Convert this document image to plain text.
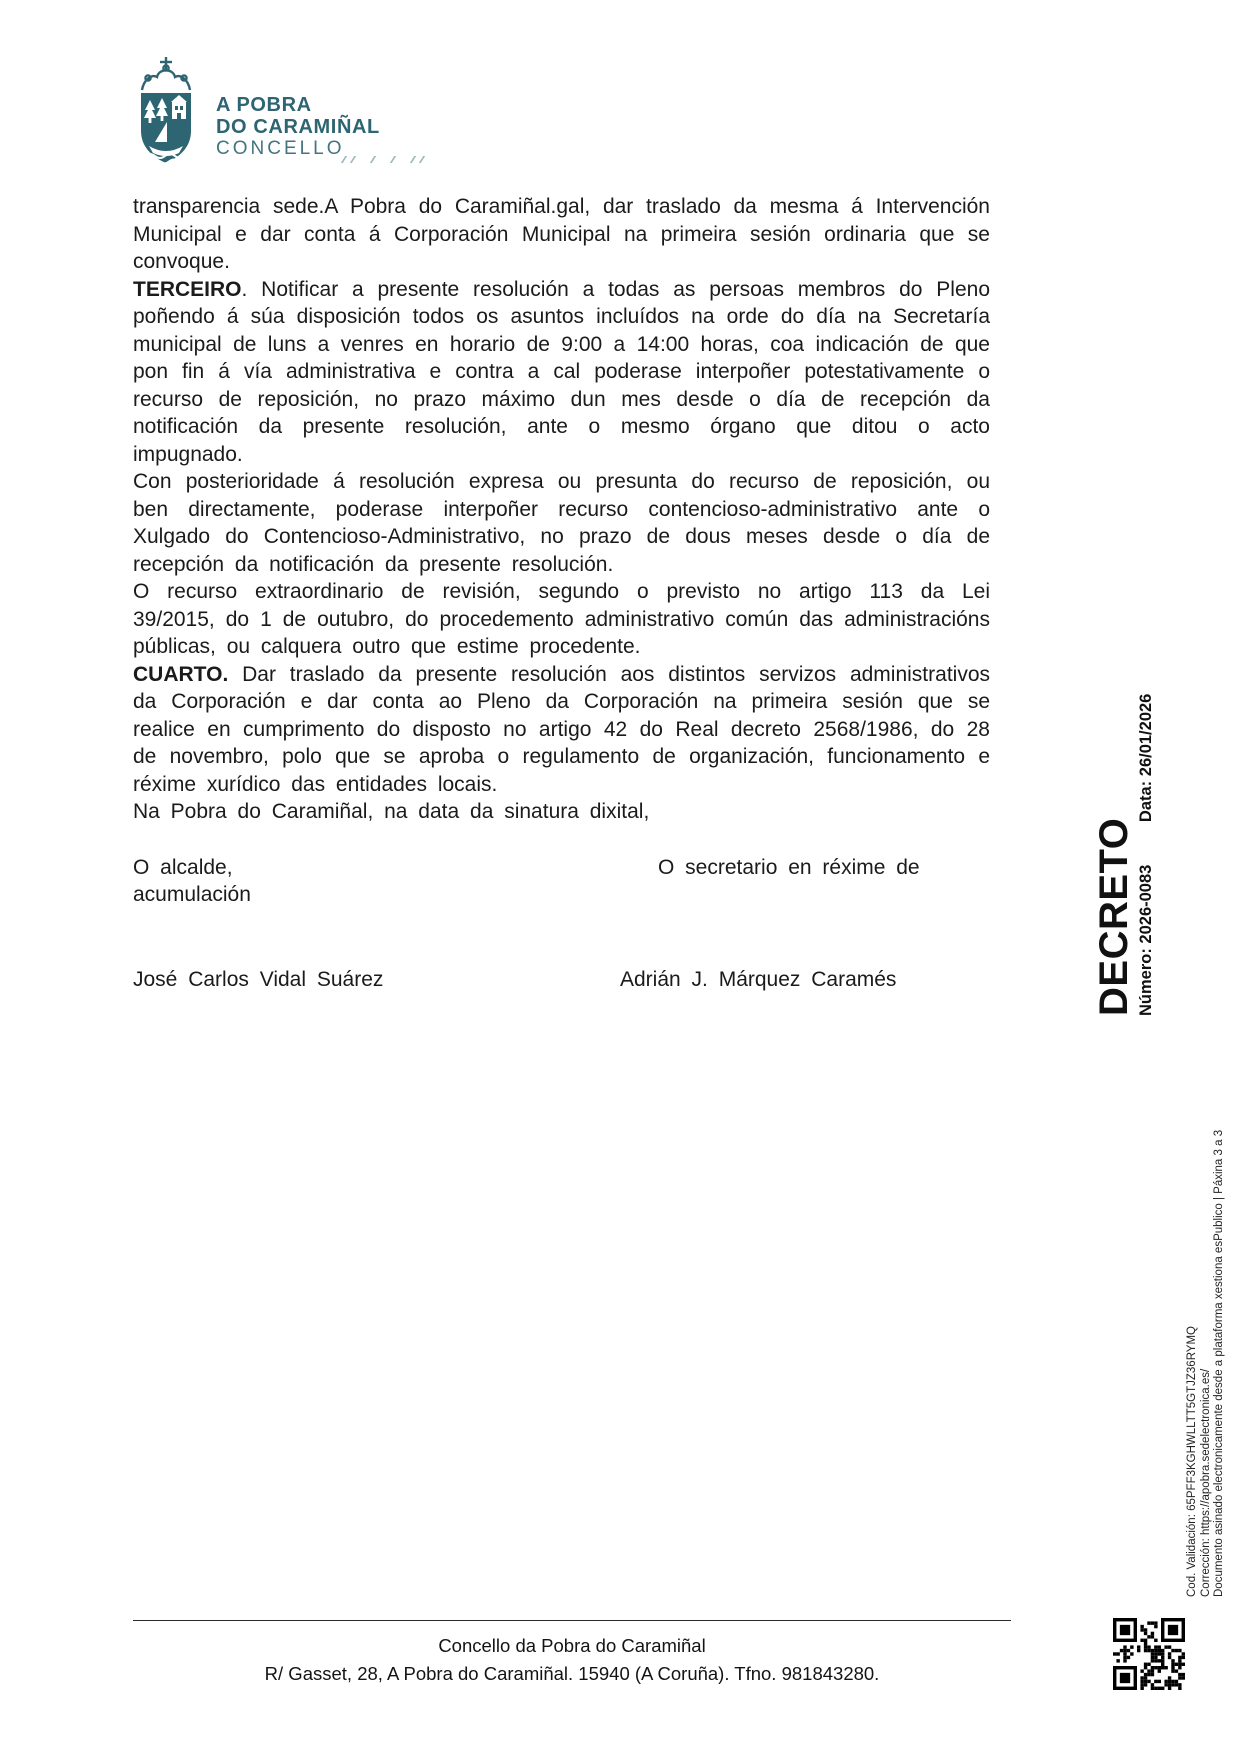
A POBRA
DO CARAMIÑAL
CONCELLO

transparencia sede.A Pobra do Caramiñal.gal, dar traslado da mesma á Intervención Municipal e dar conta á Corporación Municipal na primeira sesión ordinaria que se convoque.

TERCEIRO. Notificar a presente resolución a todas as persoas membros do Pleno poñendo á súa disposición todos os asuntos incluídos na orde do día na Secretaría municipal de luns a venres en horario de 9:00 a 14:00 horas, coa indicación de que pon fin á vía administrativa e contra a cal poderase interpoñer potestativamente o recurso de reposición, no prazo máximo dun mes desde o día de recepción da notificación da presente resolución, ante o mesmo órgano que ditou o acto impugnado.

Con posterioridade á resolución expresa ou presunta do recurso de reposición, ou ben directamente, poderase interpoñer recurso contencioso-administrativo ante o Xulgado do Contencioso-Administrativo, no prazo de dous meses desde o día de recepción da notificación da presente resolución.

O recurso extraordinario de revisión, segundo o previsto no artigo 113 da Lei 39/2015, do 1 de outubro, do procedemento administrativo común das administracións públicas, ou calquera outro que estime procedente.

CUARTO. Dar traslado da presente resolución aos distintos servizos administrativos da Corporación e dar conta ao Pleno da Corporación na primeira sesión que se realice en cumprimento do disposto no artigo 42 do Real decreto 2568/1986, do 28 de novembro, polo que se aproba o regulamento de organización, funcionamento e réxime xurídico das entidades locais.

Na Pobra do Caramiñal, na data da sinatura dixital,

O alcalde,	O secretario en réxime de
acumulación
José Carlos Vidal Suárez	Adrián J. Márquez Caramés	DECRETO Número: 2026-0083 Data: 26/01/2026
Cod. Validación: 65PFF3KGHWLLTT5GTJZ36RYMQ Corrección: https://apobra.sedelectronica.es/ Documento asinado electronicamente desde a plataforma xestiona esPublico | Páxina 3 a 3
Concello da Pobra do Caramiñal
R/ Gasset, 28, A Pobra do Caramiñal. 15940 (A Coruña). Tfno. 981843280.
